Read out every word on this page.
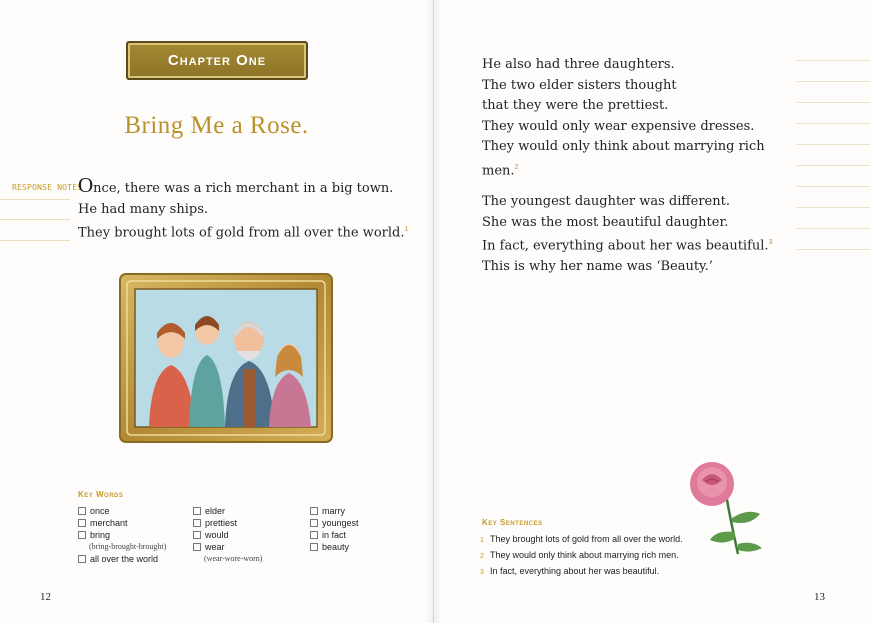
Chapter One
Bring Me a Rose.
RESPONSE NOTES

Once, there was a rich merchant in a big town.

He had many ships.

They brought lots of gold from all over the world.$^1$

Key Words
once
merchant
bring
(bring-brought-brought)
all over the world
elder
prettiest
would
wear
(wear-wore-worn)
marry
youngest
in fact
beauty
12

He also had three daughters.

The two elder sisters thought

that they were the prettiest.

They would only wear expensive dresses.

They would only think about marrying rich

men.$^2$

The youngest daughter was different.

She was the most beautiful daughter.

In fact, everything about her was beautiful.$^3$

This is why her name was ‘Beauty.’

Key Sentences
1 They brought lots of gold from all over the world.
2 They would only think about marrying rich men.
3 In fact, everything about her was beautiful.
13
